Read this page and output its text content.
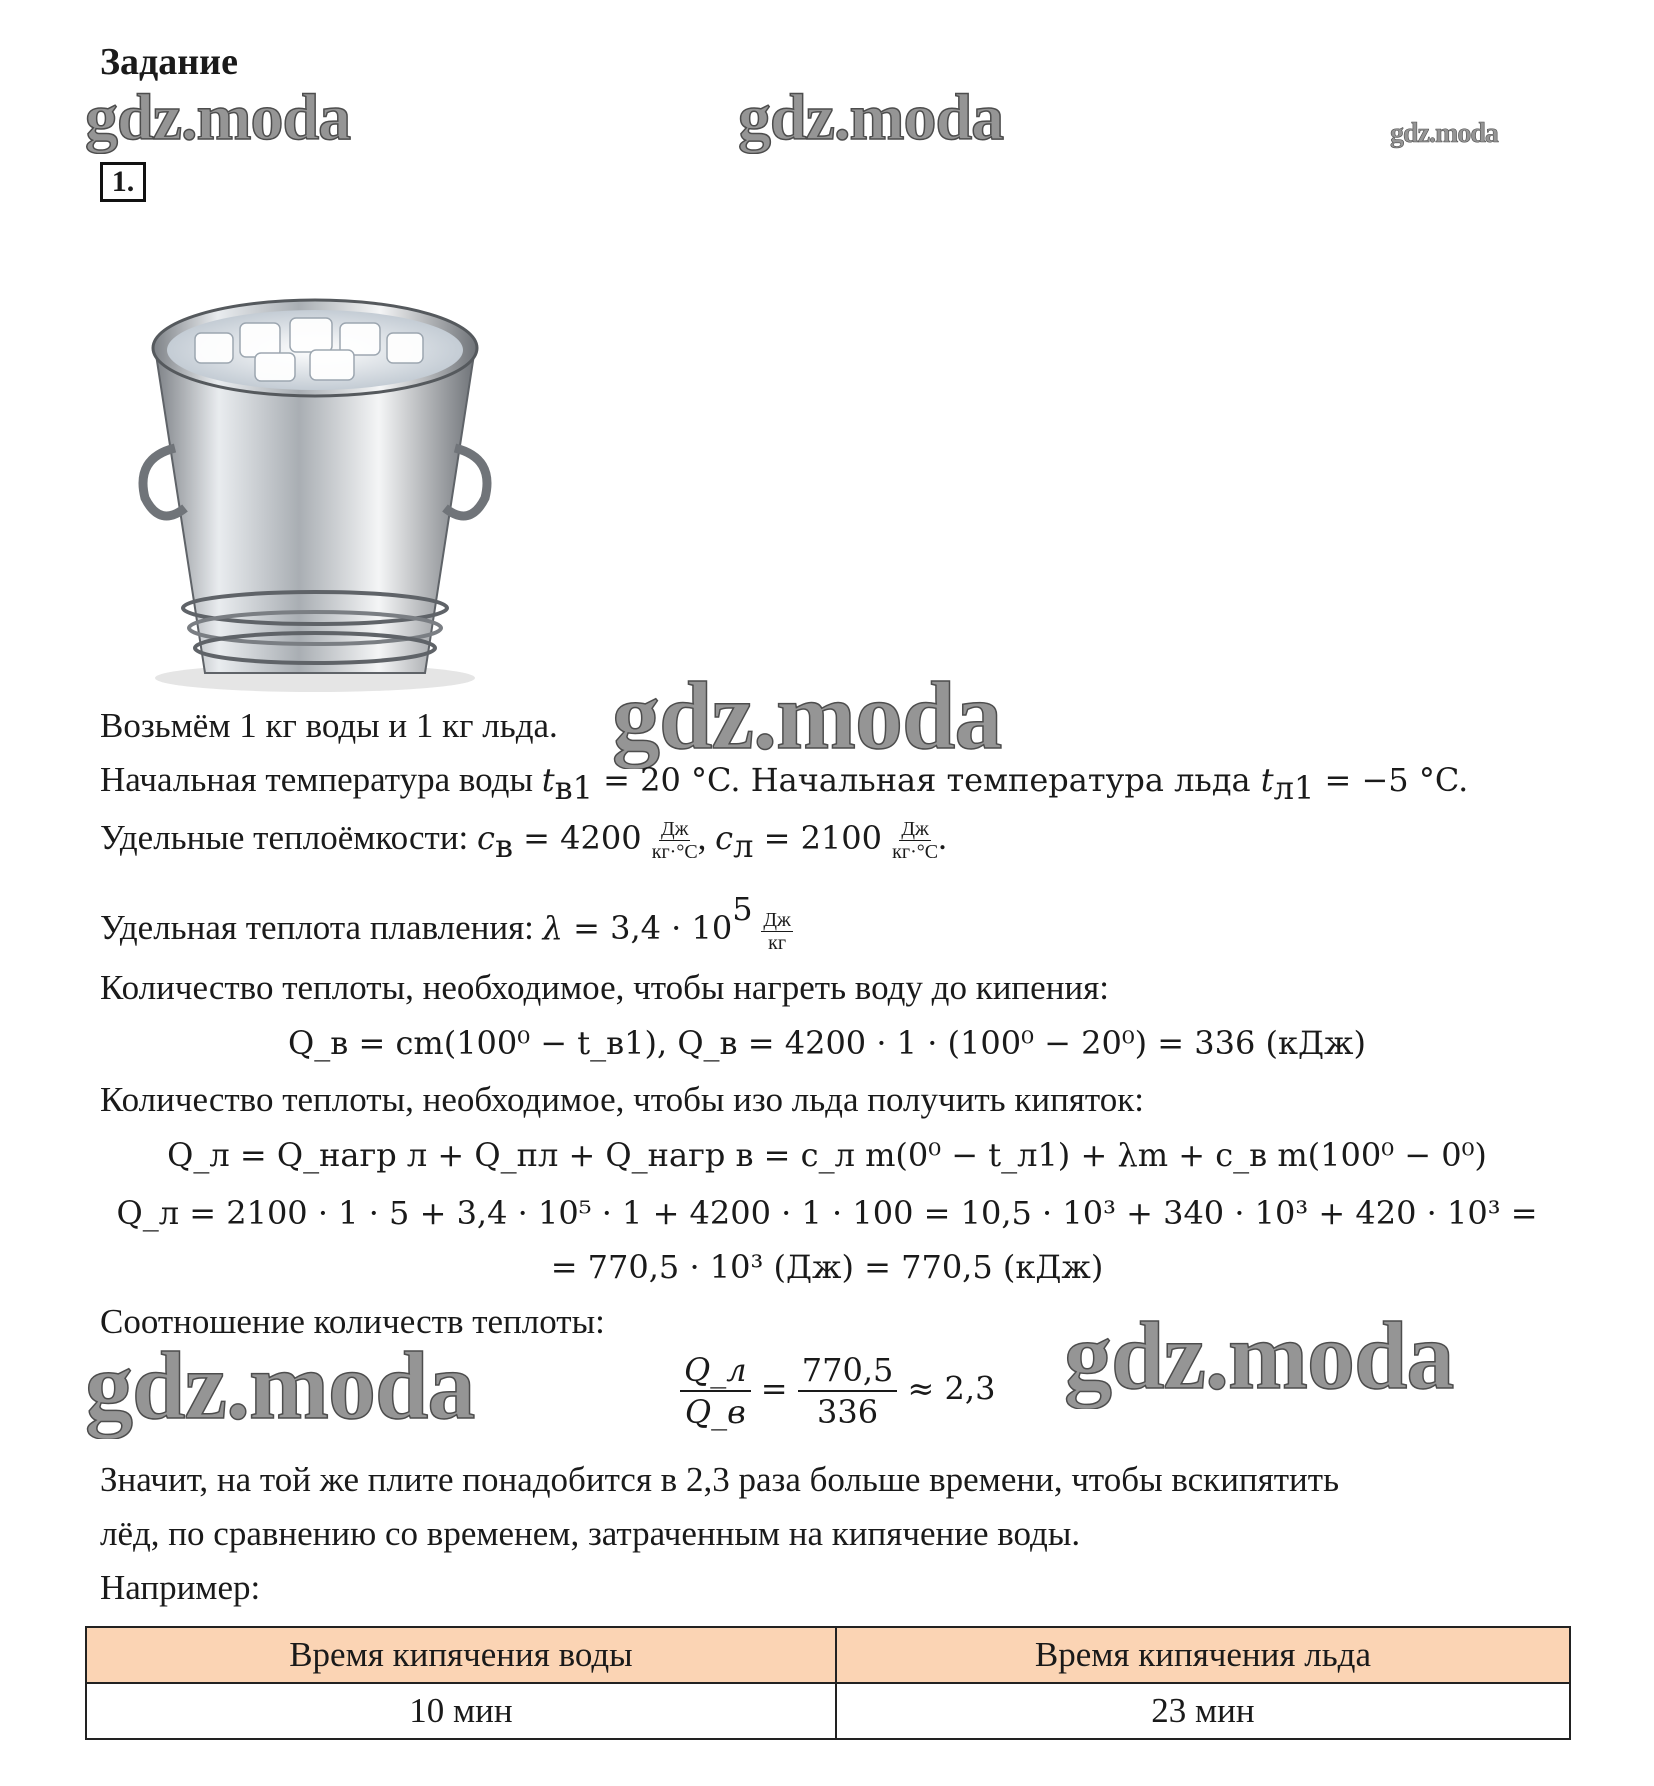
Задание
1.
gdz.moda	gdz.moda	gdz.moda
Возьмём 1 кг воды и 1 кг льда. gdz.moda
Начальная температура воды $t_{в1} = 20$ °C. Начальная температура льда $t_{л1} = -5$ °C.
Удельные теплоёмкости: $c_в = 4200 \frac{Дж}{кг\cdot^\circ C}$ , $c_л = 2100 \frac{Дж}{кг\cdot^\circ C}$ .
Удельная теплота плавления: $\lambda = 3,4 \cdot 10^5 \frac{Дж}{кг}$
Количество теплоты, необходимое, чтобы нагреть воду до кипения:
Q_в = cm(100⁰ − t_в1), Q_в = 4200 · 1 · (100⁰ − 20⁰) = 336 (кДж)
Количество теплоты, необходимое, чтобы изо льда получить кипяток:
Q_л = Q_нагр л + Q_пл + Q_нагр в = c_л m(0⁰ − t_л1) + λm + c_в m(100⁰ − 0⁰)
Q_л = 2100 · 1 · 5 + 3,4 · 10⁵ · 1 + 4200 · 1 · 100 = 10,5 · 10³ + 340 · 10³ + 420 · 10³ =
= 770,5 · 10³ (Дж) = 770,5 (кДж)
Соотношение количеств теплоты:
gdz.moda	gdz.moda
Q_л
Q_в
= $\frac{770,5}{336} \approx 2,3$
Значит, на той же плите понадобится в 2,3 раза больше времени, чтобы вскипятить
лёд, по сравнению со временем, затраченным на кипячение воды.
Например:
Время кипячения воды	Время кипячения льда
10 мин	23 мин
